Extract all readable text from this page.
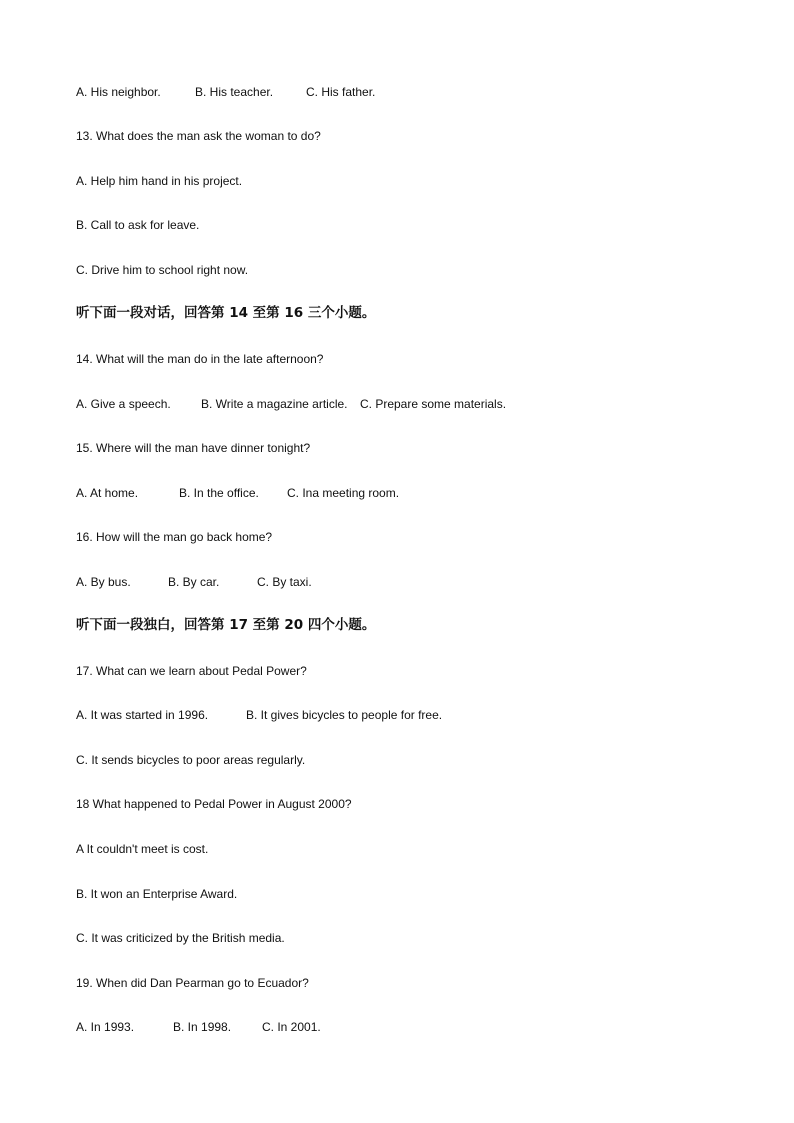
A. His neighbor.	B. His teacher.	C. His father.
13. What does the man ask the woman to do?
A. Help him hand in his project.
B. Call to ask for leave.
C. Drive him to school right now.
听下面一段对话，回答第 14 至第 16 三个小题。
14. What will the man do in the late afternoon?
A. Give a speech.	B. Write a magazine article. C. Prepare some materials.
15. Where will the man have dinner tonight?
A. At home.	B. In the office. C. Ina meeting room.
16. How will the man go back home?
A. By bus.	B. By car.	C. By taxi.
听下面一段独白，回答第 17 至第 20 四个小题。
17. What can we learn about Pedal Power?
A. It was started in 1996.	B. It gives bicycles to people for free.
C. It sends bicycles to poor areas regularly.
18 What happened to Pedal Power in August 2000?
A It couldn't meet is cost.
B. It won an Enterprise Award.
C. It was criticized by the British media.
19. When did Dan Pearman go to Ecuador?
A. In 1993.	B. In 1998.	C. In 2001.
